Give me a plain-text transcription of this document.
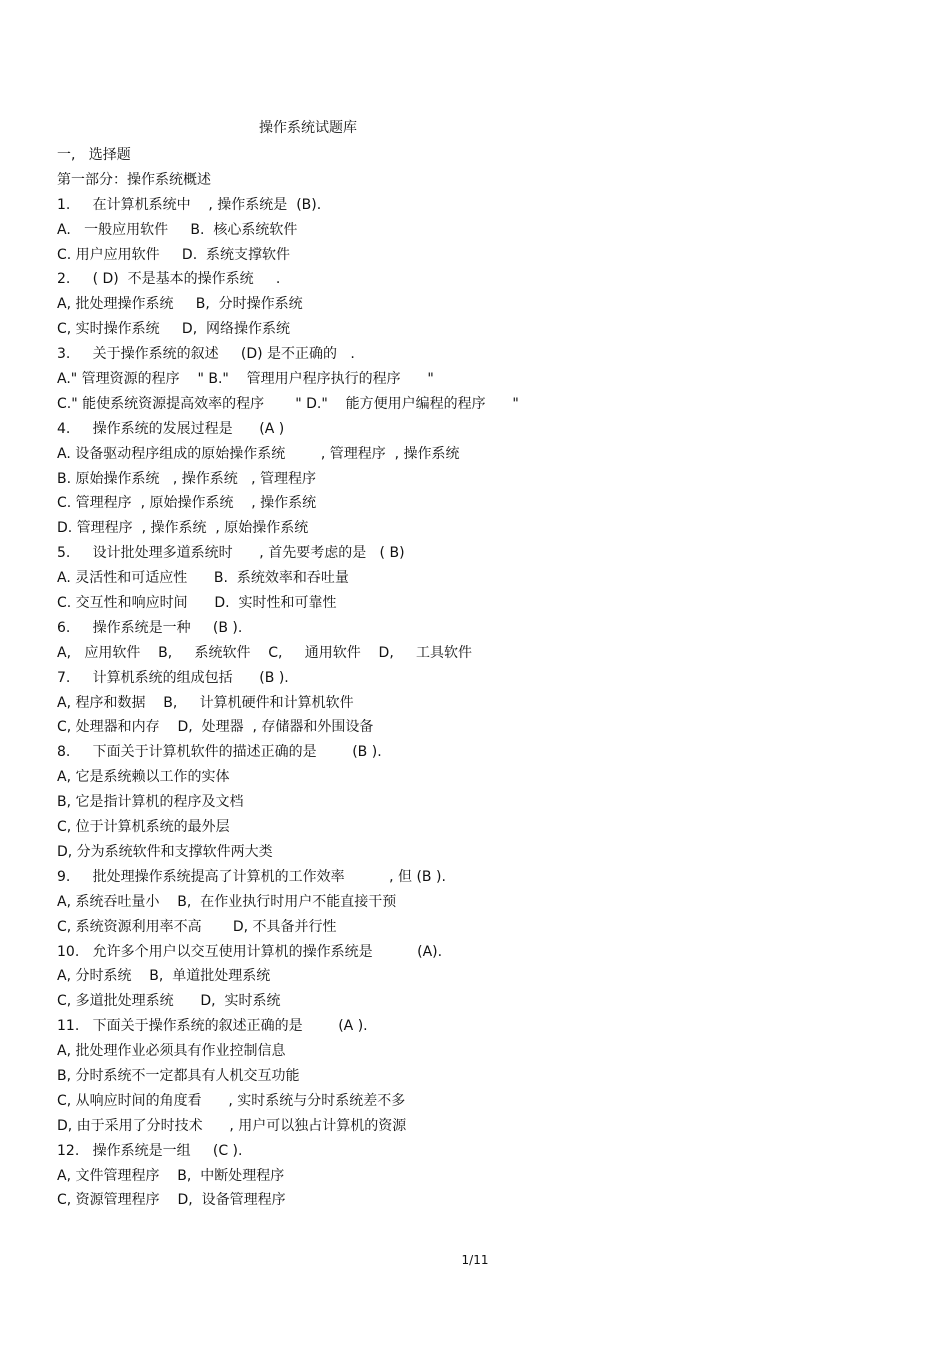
操作系统试题库
一,   选择题
第一部分：操作系统概述
1.     在计算机系统中    , 操作系统是  (B).
A.   一般应用软件     B.  核心系统软件
C. 用户应用软件     D.  系统支撑软件
2.     ( D)  不是基本的操作系统     .
A, 批处理操作系统     B,  分时操作系统
C, 实时操作系统     D,  网络操作系统
3.     关于操作系统的叙述     (D) 是不正确的   .
A." 管理资源的程序    " B."    管理用户程序执行的程序      "
C." 能使系统资源提高效率的程序       " D."    能方便用户编程的程序      "
4.     操作系统的发展过程是      (A )
A. 设备驱动程序组成的原始操作系统        , 管理程序  , 操作系统
B. 原始操作系统   , 操作系统   , 管理程序
C. 管理程序  , 原始操作系统    , 操作系统
D. 管理程序  , 操作系统  , 原始操作系统
5.     设计批处理多道系统时      , 首先要考虑的是   ( B)
A. 灵活性和可适应性      B.  系统效率和吞吐量
C. 交互性和响应时间      D.  实时性和可靠性
6.     操作系统是一种     (B ).
A,   应用软件    B,     系统软件    C,     通用软件    D,     工具软件
7.     计算机系统的组成包括      (B ).
A, 程序和数据    B,     计算机硬件和计算机软件
C, 处理器和内存    D,  处理器  , 存储器和外围设备
8.     下面关于计算机软件的描述正确的是        (B ).
A, 它是系统赖以工作的实体
B, 它是指计算机的程序及文档
C, 位于计算机系统的最外层
D, 分为系统软件和支撑软件两大类
9.     批处理操作系统提高了计算机的工作效率          , 但 (B ).
A, 系统吞吐量小    B,  在作业执行时用户不能直接干预
C, 系统资源利用率不高       D, 不具备并行性
10.   允许多个用户以交互使用计算机的操作系统是          (A).
A, 分时系统    B,  单道批处理系统
C, 多道批处理系统      D,  实时系统
11.   下面关于操作系统的叙述正确的是        (A ).
A, 批处理作业必须具有作业控制信息
B, 分时系统不一定都具有人机交互功能
C, 从响应时间的角度看      , 实时系统与分时系统差不多
D, 由于采用了分时技术      , 用户可以独占计算机的资源
12.   操作系统是一组     (C ).
A, 文件管理程序    B,  中断处理程序
C, 资源管理程序    D,  设备管理程序
1/11
